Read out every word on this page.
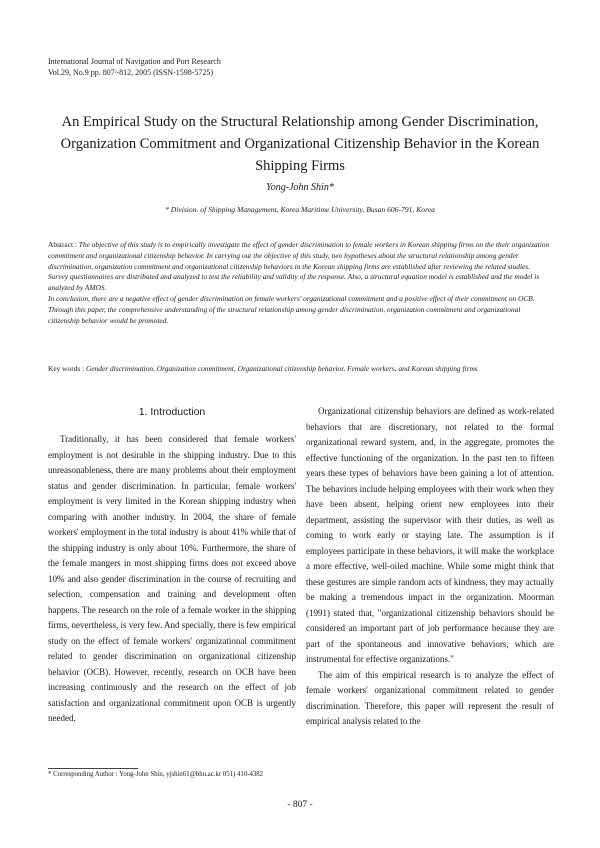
International Journal of Navigation and Port Research
Vol.29, No.9 pp. 807~812, 2005 (ISSN-1598-5725)
An Empirical Study on the Structural Relationship among Gender Discrimination, Organization Commitment and Organizational Citizenship Behavior in the Korean Shipping Firms
Yong-John Shin*
* Division. of Shipping Management, Korea Maritime University, Busan 606-791, Korea

Abstract : The objective of this study is to empirically investigate the effect of gender discrimination to female workers in Korean shipping firms on the their organization commitment and organizational citizenship behavior. In carrying out the objective of this study, two hypotheses about the structural relationship among gender discrimination, organization commitment and organizational citizenship behaviors in the Korean shipping firms are established after reviewing the related studies.

Survey questionnaires are distributed and analyzed to test the reliability and validity of the response. Also, a structural equation model is established and the model is analyzed by AMOS.

In conclusion, there are a negative effect of gender discrimination on female workers' organizational commitment and a positive effect of their commitment on OCB.

Through this paper, the comprehensive understanding of the structural relationship among gender discrimination, organization commitment and organizational citizenship behavior would be promoted.

Key words : Gender discrimination, Organization commitment, Organizational citizenship behavior, Female workers, and Korean shipping firms
1. Introduction

Traditionally, it has been considered that female workers' employment is not desirable in the shipping industry. Due to this unreasonableness, there are many problems about their employment status and gender discrimination. In particular, female workers' employment is very limited in the Korean shipping industry when comparing with another industry. In 2004, the share of female workers' employment in the total industry is about 41% while that of the shipping industry is only about 10%. Furthermore, the share of the female mangers in most shipping firms does not exceed above 10% and also gender discrimination in the course of recruiting and selection, compensation and training and development often happens. The research on the role of a female worker in the shipping firms, nevertheless, is very few. And specially, there is few empirical study on the effect of female workers' organizational commitment related to gender discrimination on organizational citizenship behavior (OCB). However, recently, research on OCB have been increasing continuously and the research on the effect of job satisfaction and organizational commitment upon OCB is urgently needed.

Organizational citizenship behaviors are defined as work-related behaviors that are discretionary, not related to the formal organizational reward system, and, in the aggregate, promotes the effective functioning of the organization. In the past ten to fifteen years these types of behaviors have been gaining a lot of attention. The behaviors include helping employees with their work when they have been absent, helping orient new employees into their department, assisting the supervisor with their duties, as well as coming to work early or staying late. The assumption is if employees participate in these behaviors, it will make the workplace a more effective, well-oiled machine. While some might think that these gestures are simple random acts of kindness, they may actually be making a tremendous impact in the organization. Moorman (1991) stated that, "organizational citizenship behaviors should be considered an important part of job performance because they are part of the spontaneous and innovative behaviors, which are instrumental for effective organizations."

The aim of this empirical research is to analyze the effect of female workers' organizational commitment related to gender discrimination. Therefore, this paper will represent the result of empirical analysis related to the

* Corresponding Author : Yong-John Shin, yjshin61@bhu.ac.kr 051) 410-4382
- 807 -
